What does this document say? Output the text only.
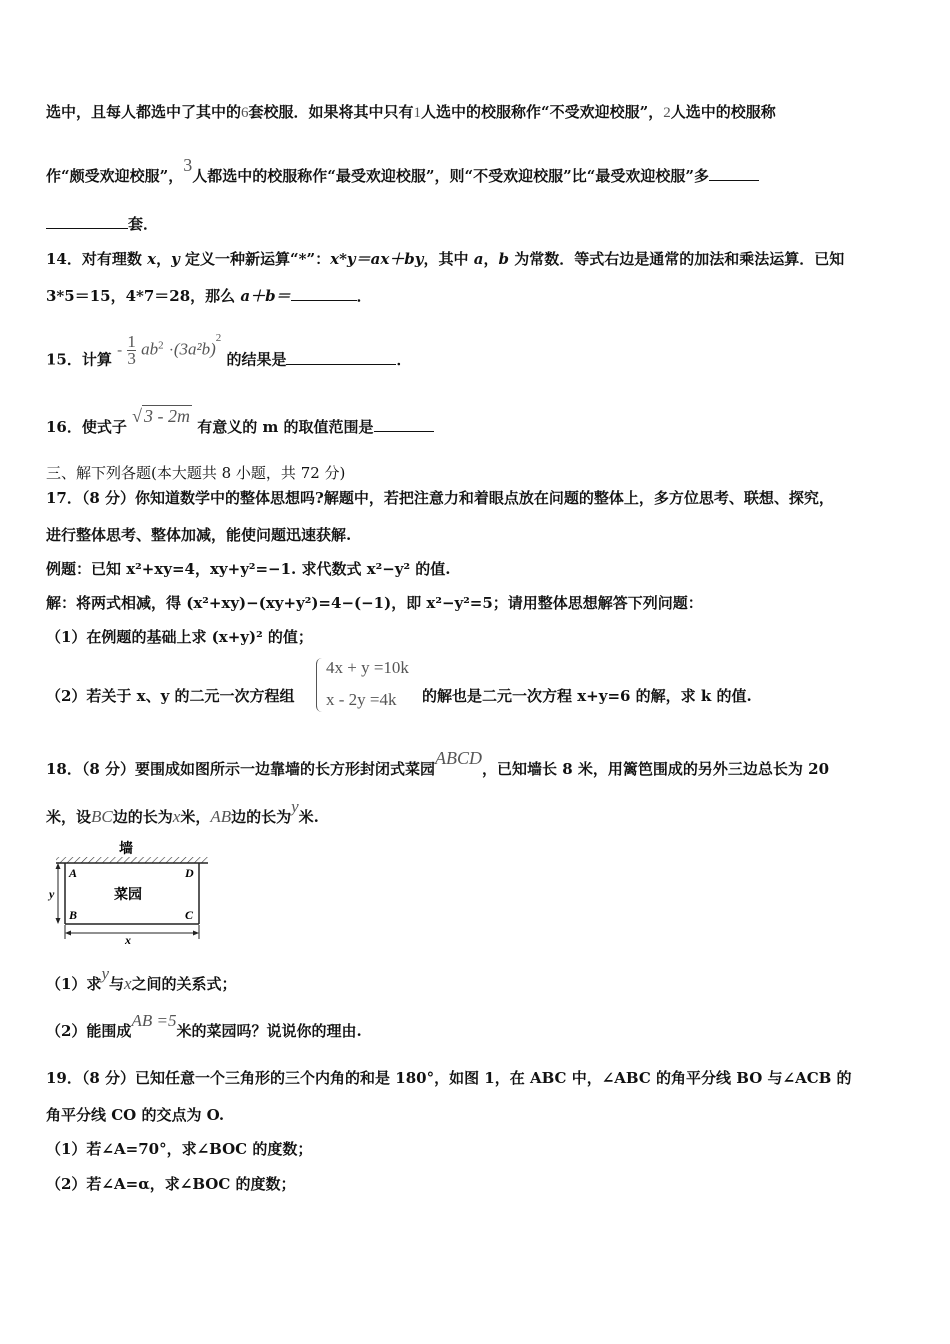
选中，且每人都选中了其中的6套校服．如果将其中只有1人选中的校服称作“不受欢迎校服”，2人选中的校服称
作“颇受欢迎校服”，3人都选中的校服称作“最受欢迎校服”，则“不受欢迎校服”比“最受欢迎校服”多
套．
14．对有理数 x，y 定义一种新运算“*”：x*y＝ax＋by，其中 a，b 为常数．等式右边是通常的加法和乘法运算．已知
3*5＝15，4*7＝28，那么 a＋b＝	．
15．计算 - $\frac{1}{3} ab^2 \cdot(3a^2b)^2$ 的结果是	．
16．使式子 √ 3 - 2m 有意义的 m 的取值范围是
三、解下列各题(本大题共 8 小题，共 72 分)
17．（8 分）你知道数学中的整体思想吗?解题中，若把注意力和着眼点放在问题的整体上，多方位思考、联想、探究，
进行整体思考、整体加减，能使问题迅速获解.
例题：已知 x²+xy=4，xy+y²=−1. 求代数式 x²−y² 的值.
解：将两式相减，得 (x²+xy)−(xy+y²)=4−(−1)，即 x²−y²=5；请用整体思想解答下列问题：
（1）在例题的基础上求 (x+y)² 的值；
（2）若关于 x、y 的二元一次方程组
4x + y =10k
x - 2y =4k 的解也是二元一次方程 x+y=6 的解，求 k 的值.
18．（8 分）要围成如图所示一边靠墙的长方形封闭式菜园ABCD，已知墙长 8 米，用篱笆围成的另外三边总长为 20
米，设BC边的长为x米，AB边的长为y米.
墙
A	D
B	C
菜园
y
x
（1）求y与x之间的关系式；
（2）能围成AB =5米的菜园吗？说说你的理由.
19．（8 分）已知任意一个三角形的三个内角的和是 180°，如图 1，在 ABC 中，∠ABC 的角平分线 BO 与∠ACB 的
角平分线 CO 的交点为 O.
（1）若∠A=70°，求∠BOC 的度数；
（2）若∠A=α，求∠BOC 的度数；
